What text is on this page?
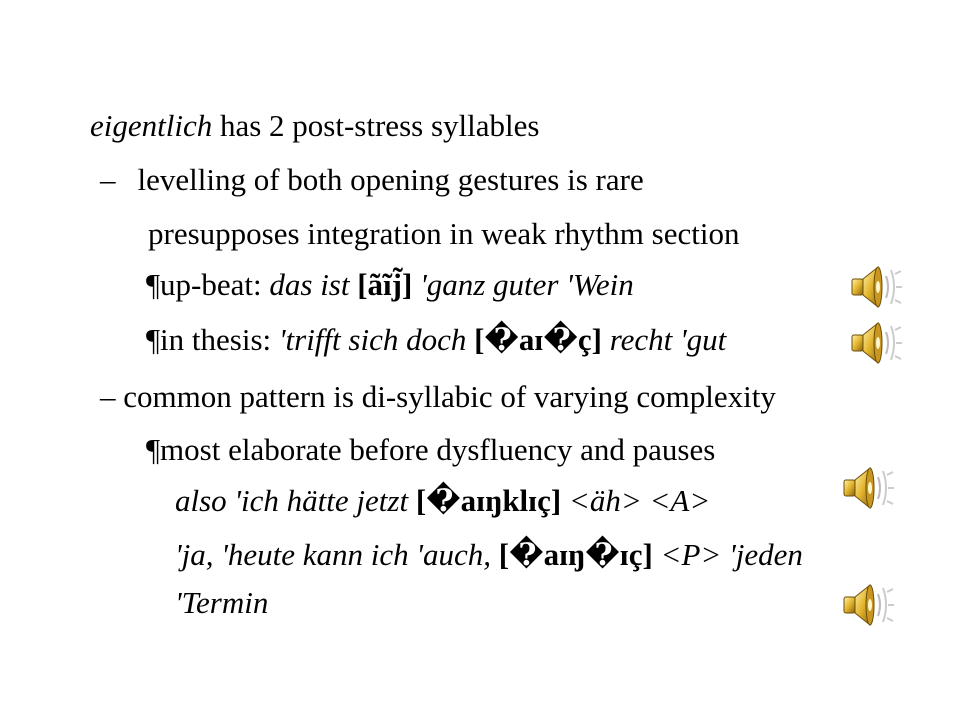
eigentlich has 2 post-stress syllables
– levelling of both opening gestures is rare
presupposes integration in weak rhythm section
¶up-beat: das ist [ãĩj̃] 'ganz guter 'Wein
¶in thesis: 'trifft sich doch [�aɪ�ç] recht 'gut
– common pattern is di-syllabic of varying complexity
¶most elaborate before dysfluency and pauses
also 'ich hätte jetzt [�aɪŋklɪç] <äh> <A>
'ja, 'heute kann ich 'auch, [�aɪŋ�ɪç] <P> 'jeden
'Termin
